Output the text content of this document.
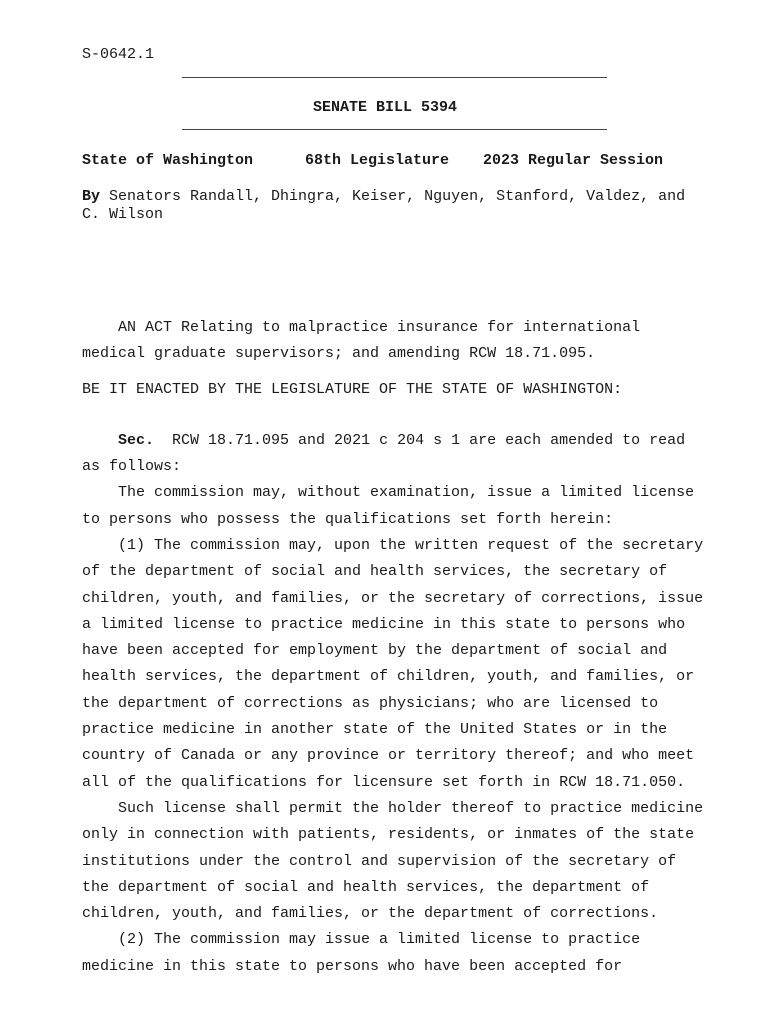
S-0642.1
SENATE BILL 5394
State of Washington	68th Legislature 2023 Regular Session
By Senators Randall, Dhingra, Keiser, Nguyen, Stanford, Valdez, and
C. Wilson
AN ACT Relating to malpractice insurance for international
medical graduate supervisors; and amending RCW 18.71.095.
BE IT ENACTED BY THE LEGISLATURE OF THE STATE OF WASHINGTON:
Sec.  RCW 18.71.095 and 2021 c 204 s 1 are each amended to read
as follows:
The commission may, without examination, issue a limited license
to persons who possess the qualifications set forth herein:
(1) The commission may, upon the written request of the secretary
of the department of social and health services, the secretary of
children, youth, and families, or the secretary of corrections, issue
a limited license to practice medicine in this state to persons who
have been accepted for employment by the department of social and
health services, the department of children, youth, and families, or
the department of corrections as physicians; who are licensed to
practice medicine in another state of the United States or in the
country of Canada or any province or territory thereof; and who meet
all of the qualifications for licensure set forth in RCW 18.71.050.
Such license shall permit the holder thereof to practice medicine
only in connection with patients, residents, or inmates of the state
institutions under the control and supervision of the secretary of
the department of social and health services, the department of
children, youth, and families, or the department of corrections.
(2) The commission may issue a limited license to practice
medicine in this state to persons who have been accepted for
